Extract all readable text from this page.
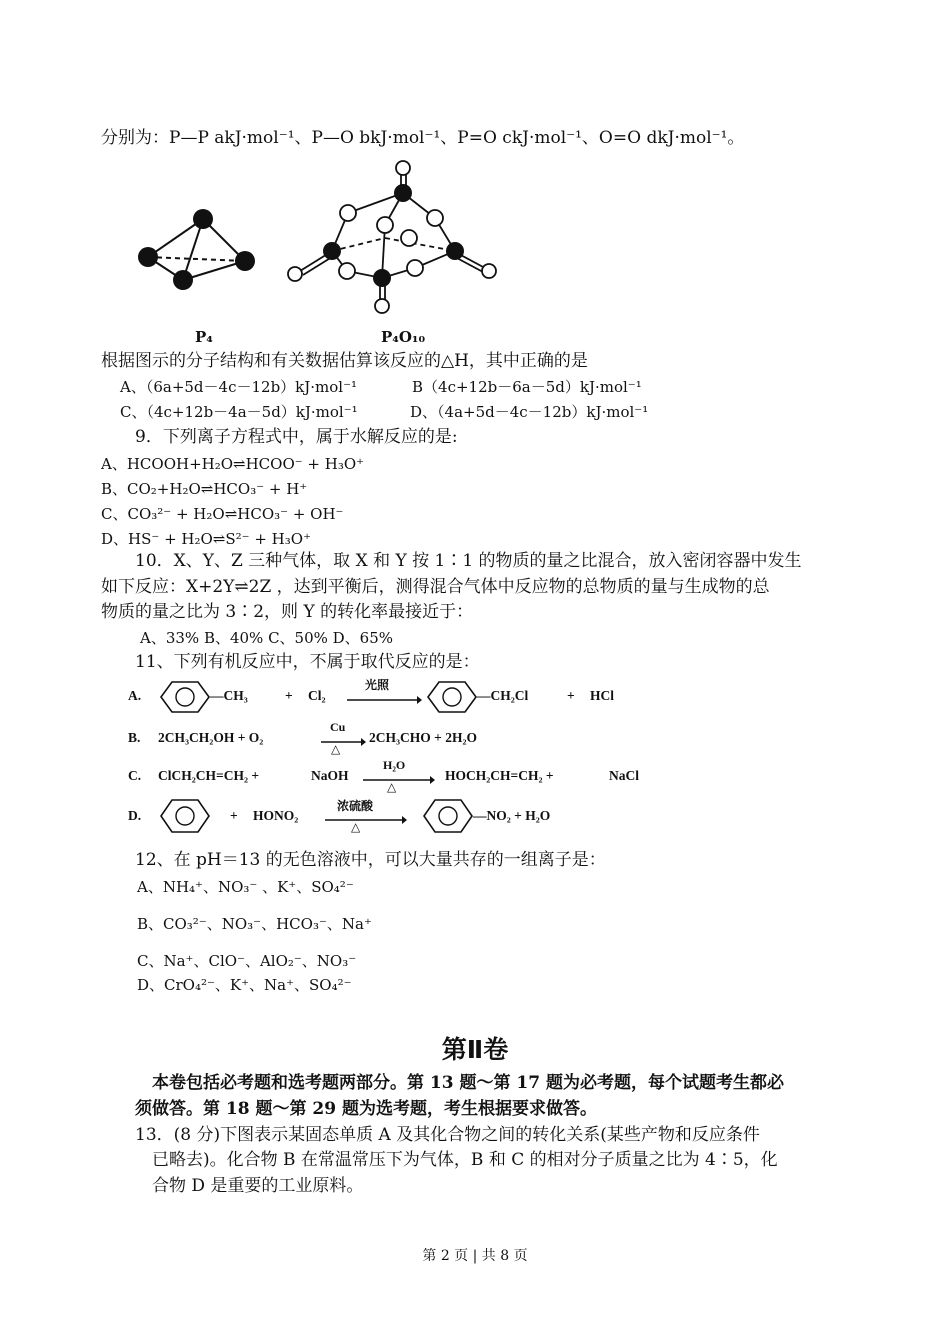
分别为：P—P akJ·mol⁻¹、P—O bkJ·mol⁻¹、P=O ckJ·mol⁻¹、O=O dkJ·mol⁻¹。
P₄	P₄O₁₀
根据图示的分子结构和有关数据估算该反应的△H，其中正确的是
A、（6a+5d－4c－12b）kJ·mol⁻¹	B（4c+12b－6a－5d）kJ·mol⁻¹
C、（4c+12b－4a－5d）kJ·mol⁻¹	D、（4a+5d－4c－12b）kJ·mol⁻¹
9．下列离子方程式中，属于水解反应的是:
A、HCOOH+H₂O⇌HCOO⁻ + H₃O⁺
B、CO₂+H₂O⇌HCO₃⁻ + H⁺
C、CO₃²⁻ + H₂O⇌HCO₃⁻ + OH⁻
D、HS⁻ + H₂O⇌S²⁻ + H₃O⁺
10．X、Y、Z 三种气体，取 X 和 Y 按 1∶1 的物质的量之比混合，放入密闭容器中发生
如下反应：X+2Y⇌2Z ，达到平衡后，测得混合气体中反应物的总物质的量与生成物的总
物质的量之比为 3∶2，则 Y 的转化率最接近于：
A、33% B、40% C、50% D、65%
11、下列有机反应中，不属于取代反应的是：
A.	—CH₃	+ Cl₂
光照
—CH₂Cl	+ HCl
B. 2CH₃CH₂OH + O₂
Cu
△
2CH₃CHO + 2H₂O
C. ClCH₂CH=CH₂ +	NaOH
H₂O
△
HOCH₂CH=CH₂ +	NaCl
D.	+ HONO₂
浓硫酸
△
—NO₂ + H₂O
12、在 pH＝13 的无色溶液中，可以大量共存的一组离子是：
A、NH₄⁺、NO₃⁻ 、K⁺、SO₄²⁻
B、CO₃²⁻、NO₃⁻、HCO₃⁻、Na⁺
C、Na⁺、ClO⁻、AlO₂⁻、NO₃⁻
D、CrO₄²⁻、K⁺、Na⁺、SO₄²⁻
第Ⅱ卷
本卷包括必考题和选考题两部分。第 13 题～第 17 题为必考题，每个试题考生都必
须做答。第 18 题～第 29 题为选考题，考生根据要求做答。
13．(8 分)下图表示某固态单质 A 及其化合物之间的转化关系(某些产物和反应条件
已略去)。化合物 B 在常温常压下为气体，B 和 C 的相对分子质量之比为 4∶5，化
合物 D 是重要的工业原料。
第 2 页 | 共 8 页
